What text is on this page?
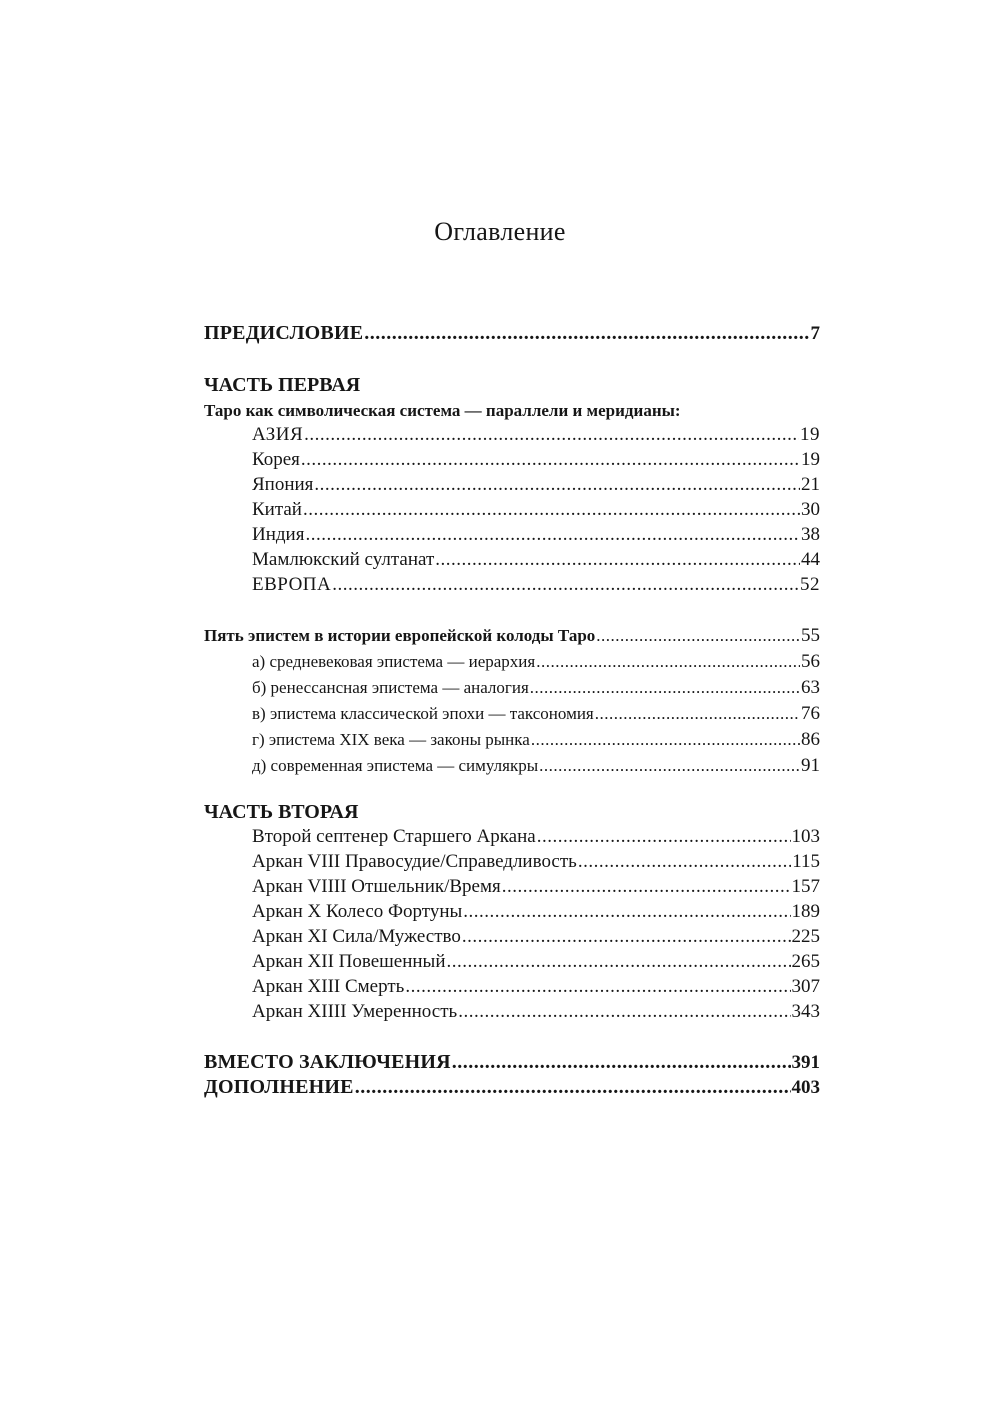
Оглавление
ПРЕДИСЛОВИЕ .....	7
ЧАСТЬ ПЕРВАЯ
Таро как символическая система — параллели и меридианы:
АЗИЯ .....	19
Корея .....	19
Япония .....	21
Китай .....	30
Индия .....	38
Мамлюкский султанат .....	44
ЕВРОПА .....	52
Пять эпистем в истории европейской колоды Таро .....	55
а) средневековая эпистема — иерархия .....	56
б) ренессансная эпистема — аналогия .....	63
в) эпистема классической эпохи — таксономия .....	76
г) эпистема XIX века — законы рынка .....	86
д) современная эпистема — симулякры .....	91
ЧАСТЬ ВТОРАЯ
Второй септенер Старшего Аркана .....	103
Аркан VIII Правосудие/Справедливость .....	115
Аркан VIIII Отшельник/Время .....	157
Аркан X Колесо Фортуны .....	189
Аркан XI Сила/Мужество .....	225
Аркан XII Повешенный .....	265
Аркан XIII Смерть .....	307
Аркан XIIII Умеренность .....	343
ВМЕСТО ЗАКЛЮЧЕНИЯ .....	391
ДОПОЛНЕНИЕ .....	403
